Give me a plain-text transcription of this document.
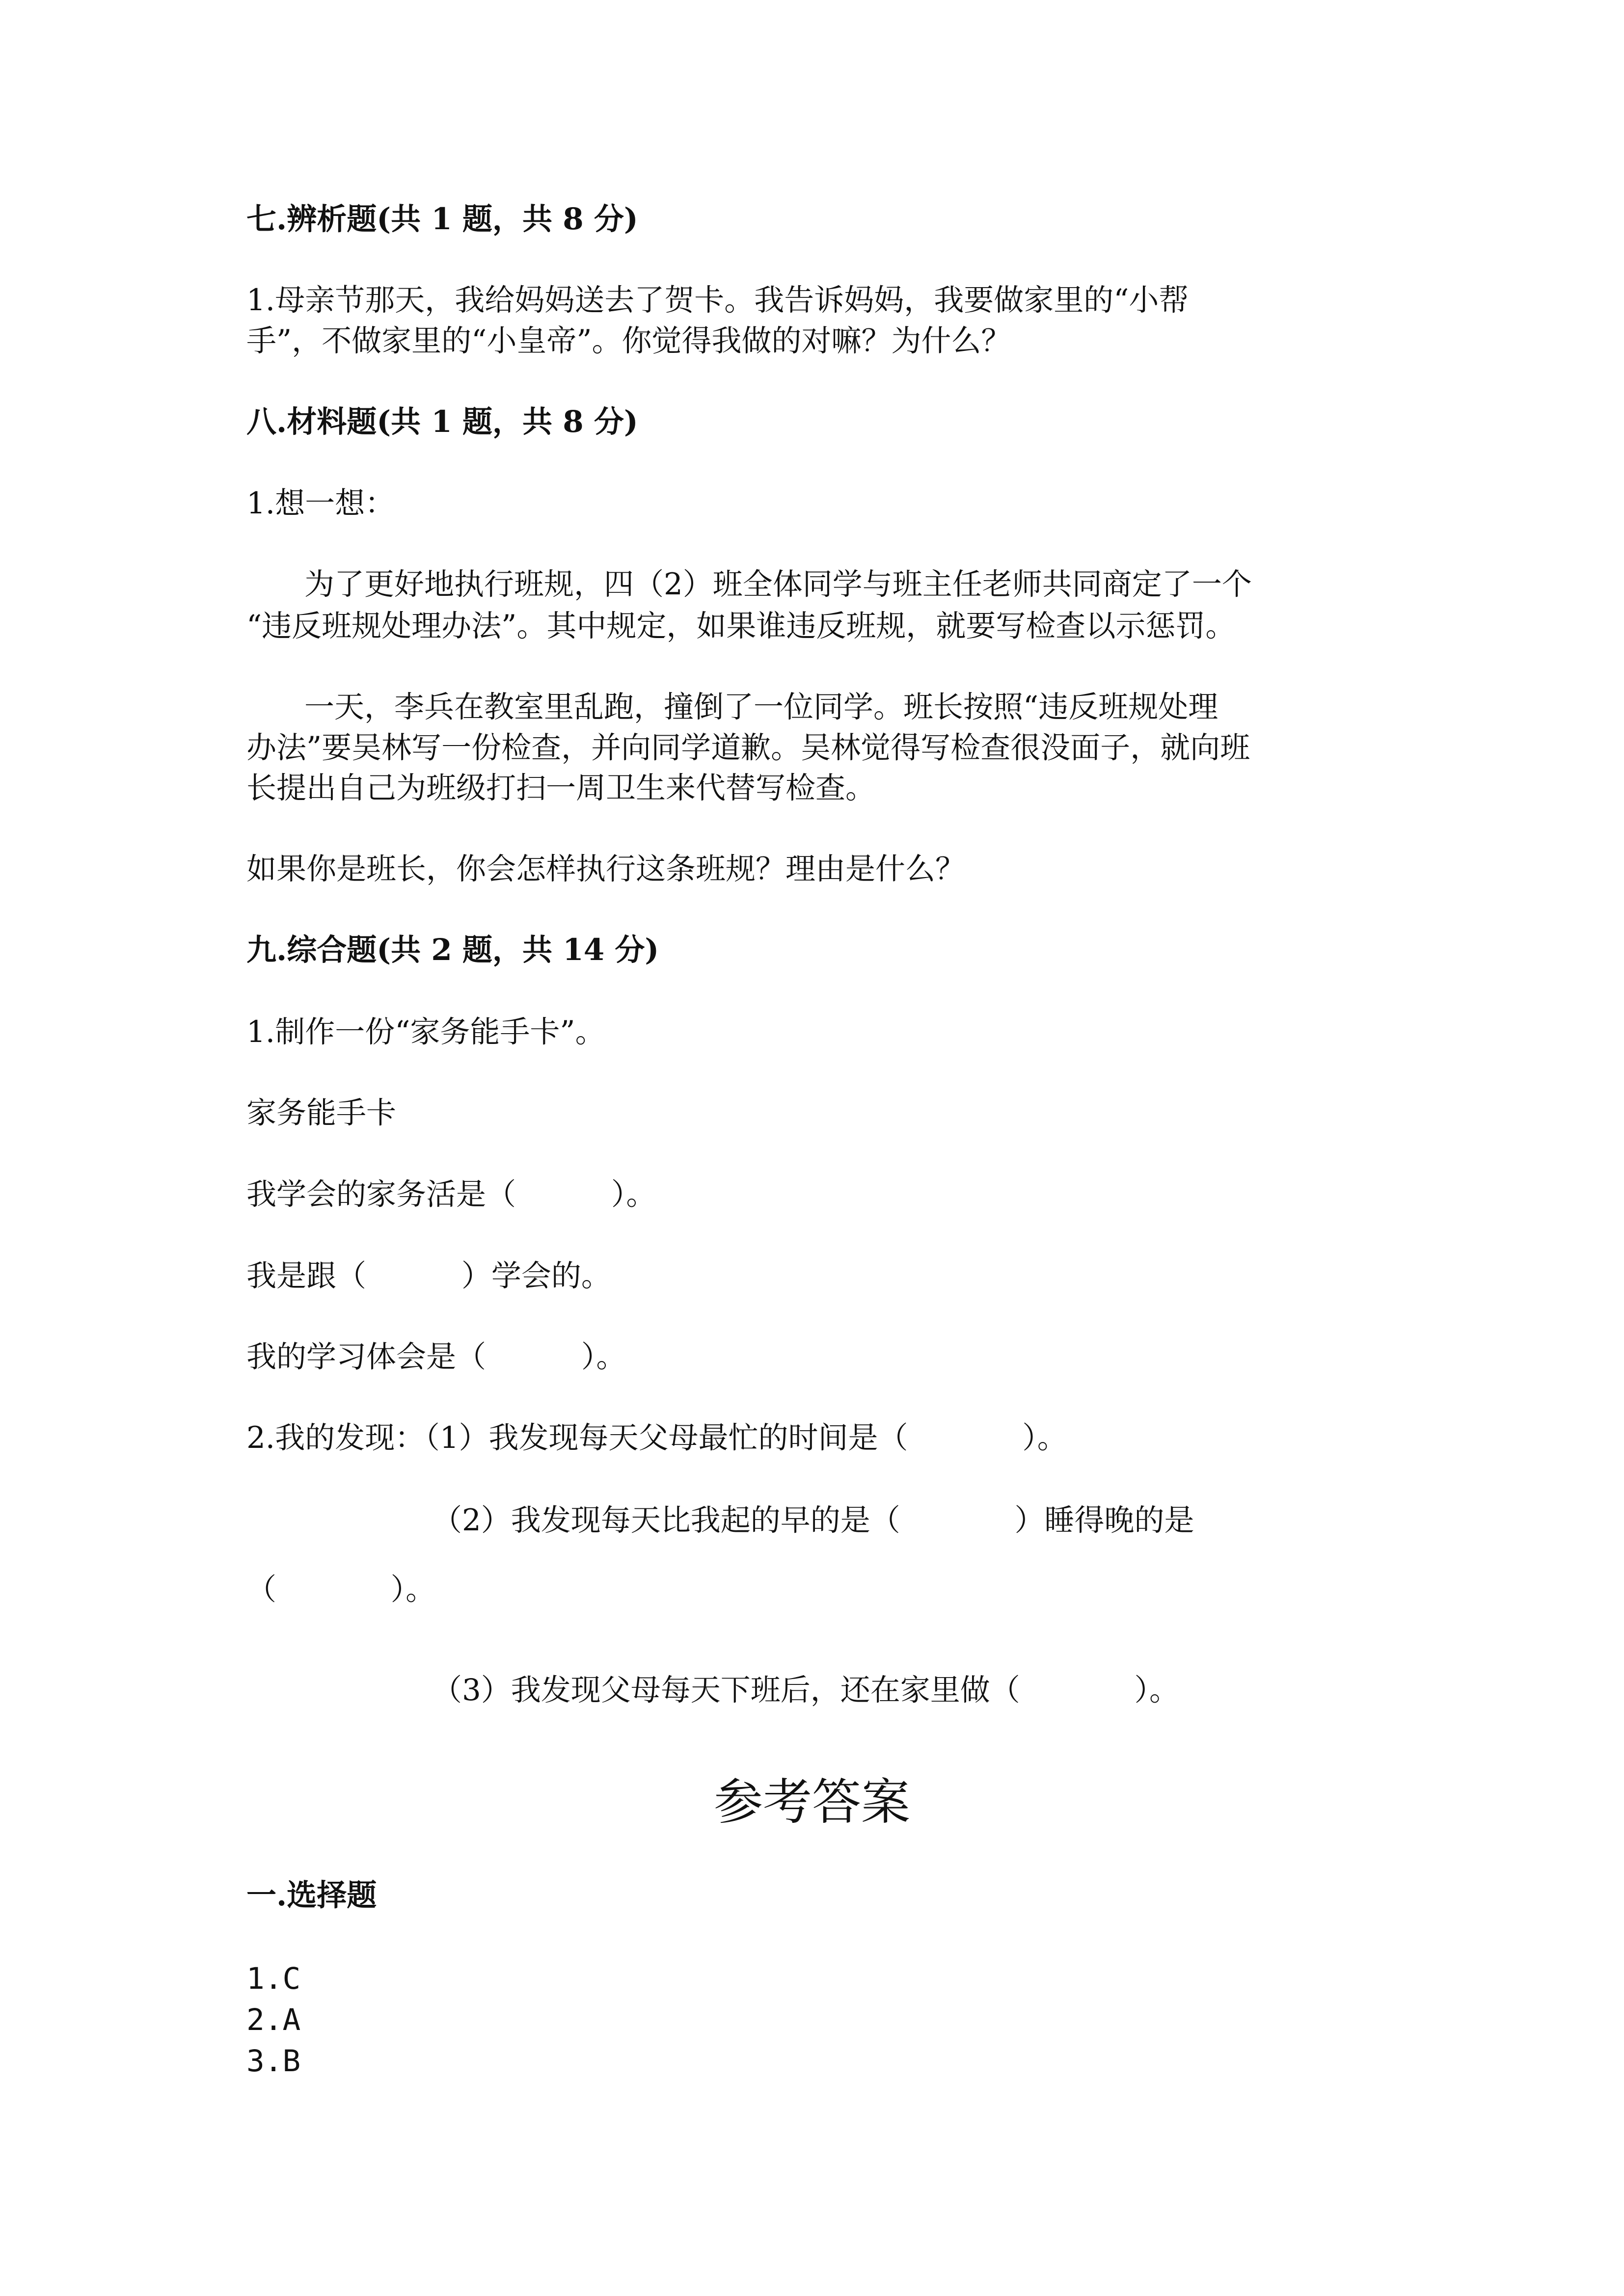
七.辨析题(共 1 题，共 8 分)

1.母亲节那天，我给妈妈送去了贺卡。我告诉妈妈，我要做家里的“小帮

手”，不做家里的“小皇帝”。你觉得我做的对嘛？为什么？

八.材料题(共 1 题，共 8 分)

1.想一想：

为了更好地执行班规，四（2）班全体同学与班主任老师共同商定了一个

“违反班规处理办法”。其中规定，如果谁违反班规，就要写检查以示惩罚。

一天，李兵在教室里乱跑，撞倒了一位同学。班长按照“违反班规处理

办法”要吴林写一份检查，并向同学道歉。吴林觉得写检查很没面子，就向班

长提出自己为班级打扫一周卫生来代替写检查。

如果你是班长，你会怎样执行这条班规？理由是什么？

九.综合题(共 2 题，共 14 分)

1.制作一份“家务能手卡”。

家务能手卡

我学会的家务活是（          ）。

我是跟（          ）学会的。

我的学习体会是（          ）。

2.我的发现：（1）我发现每天父母最忙的时间是（            ）。

（2）我发现每天比我起的早的是（            ）睡得晚的是

（            ）。

（3）我发现父母每天下班后，还在家里做（            ）。

参考答案

一.选择题

1.C
2.A
3.B
